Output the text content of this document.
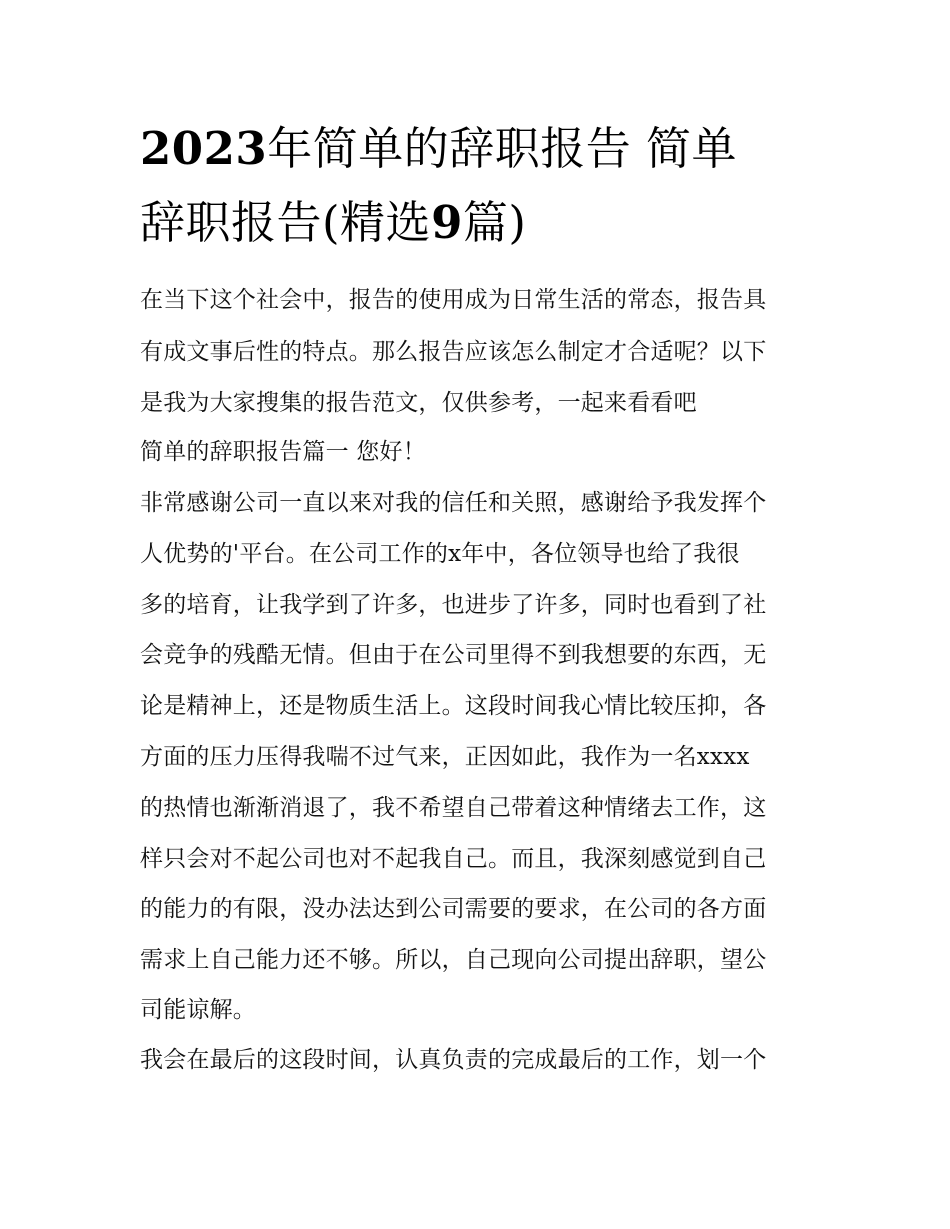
2023年简单的辞职报告 简单
辞职报告(精选9篇)

在当下这个社会中，报告的使用成为日常生活的常态，报告具

有成文事后性的特点。那么报告应该怎么制定才合适呢？以下

是我为大家搜集的报告范文，仅供参考，一起来看看吧

简单的辞职报告篇一 您好！

非常感谢公司一直以来对我的信任和关照，感谢给予我发挥个

人优势的'平台。在公司工作的x年中，各位领导也给了我很

多的培育，让我学到了许多，也进步了许多，同时也看到了社

会竞争的残酷无情。但由于在公司里得不到我想要的东西，无

论是精神上，还是物质生活上。这段时间我心情比较压抑，各

方面的压力压得我喘不过气来，正因如此，我作为一名xxxx

的热情也渐渐消退了，我不希望自己带着这种情绪去工作，这

样只会对不起公司也对不起我自己。而且，我深刻感觉到自己

的能力的有限，没办法达到公司需要的要求，在公司的各方面

需求上自己能力还不够。所以，自己现向公司提出辞职，望公

司能谅解。

我会在最后的这段时间，认真负责的完成最后的工作，划一个
